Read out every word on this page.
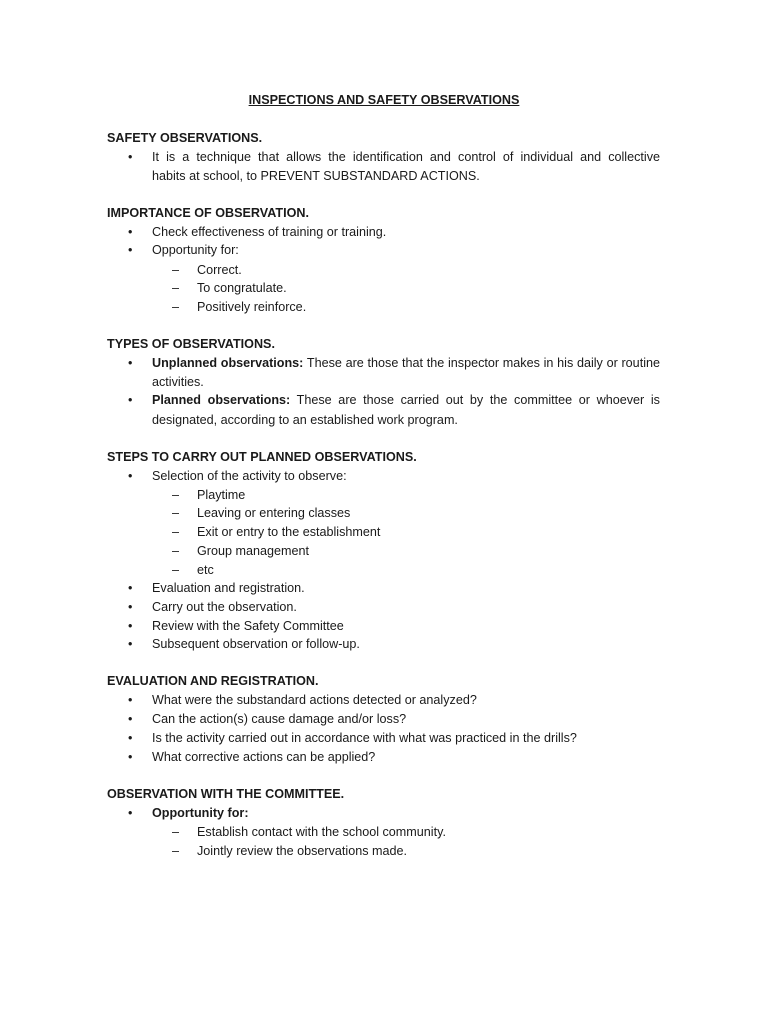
INSPECTIONS AND SAFETY OBSERVATIONS
SAFETY OBSERVATIONS.
• It is a technique that allows the identification and control of individual and collective
habits at school, to PREVENT SUBSTANDARD ACTIONS.
IMPORTANCE OF OBSERVATION.
• Check effectiveness of training or training.
• Opportunity for:
– Correct.
– To congratulate.
– Positively reinforce.
TYPES OF OBSERVATIONS.
• Unplanned observations: These are those that the inspector makes in his daily or routine
activities.
• Planned observations: These are those carried out by the committee or whoever is
designated, according to an established work program.
STEPS TO CARRY OUT PLANNED OBSERVATIONS.
• Selection of the activity to observe:
– Playtime
– Leaving or entering classes
– Exit or entry to the establishment
– Group management
– etc
• Evaluation and registration.
• Carry out the observation.
• Review with the Safety Committee
• Subsequent observation or follow-up.
EVALUATION AND REGISTRATION.
• What were the substandard actions detected or analyzed?
• Can the action(s) cause damage and/or loss?
• Is the activity carried out in accordance with what was practiced in the drills?
• What corrective actions can be applied?
OBSERVATION WITH THE COMMITTEE.
• Opportunity for:
– Establish contact with the school community.
– Jointly review the observations made.
